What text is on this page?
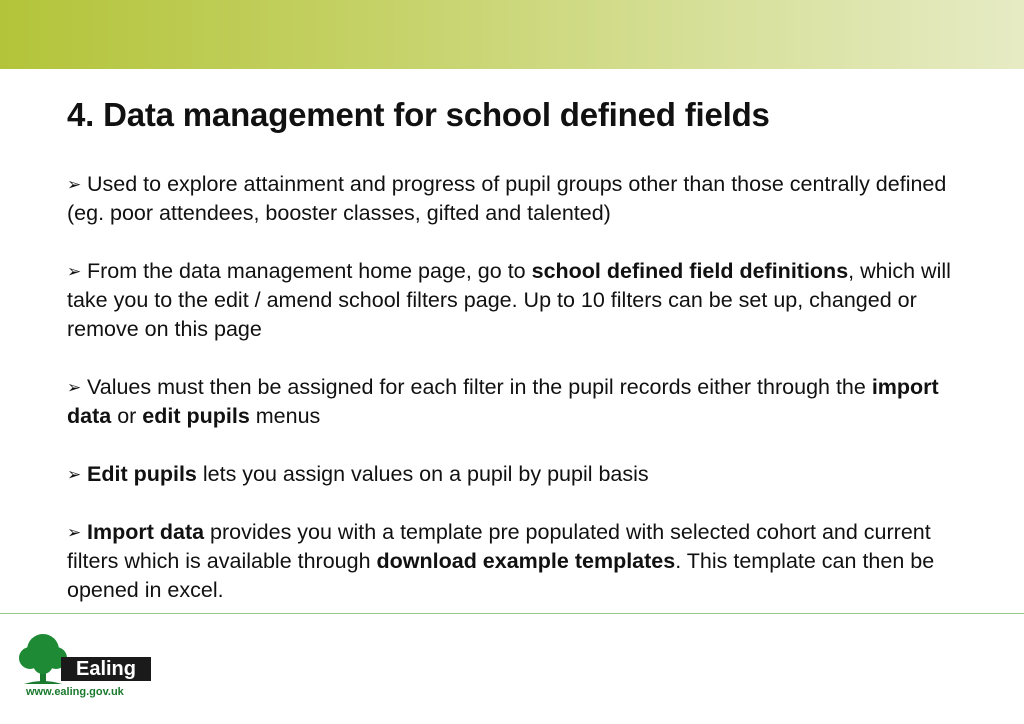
4. Data management for school defined fields
➢ Used to explore attainment and progress of pupil groups other than those centrally defined (eg. poor attendees, booster classes, gifted and talented)
➢ From the data management home page, go to school defined field definitions, which will take you to the edit / amend school filters page. Up to 10 filters can be set up, changed or remove on this page
➢ Values must then be assigned for each filter in the pupil records either through the import data or edit pupils menus
➢ Edit pupils lets you assign values on a pupil by pupil basis
➢ Import data provides you with a template pre populated with selected cohort and current filters which is available through download example templates. This template can then be opened in excel.
Ealing
www.ealing.gov.uk
